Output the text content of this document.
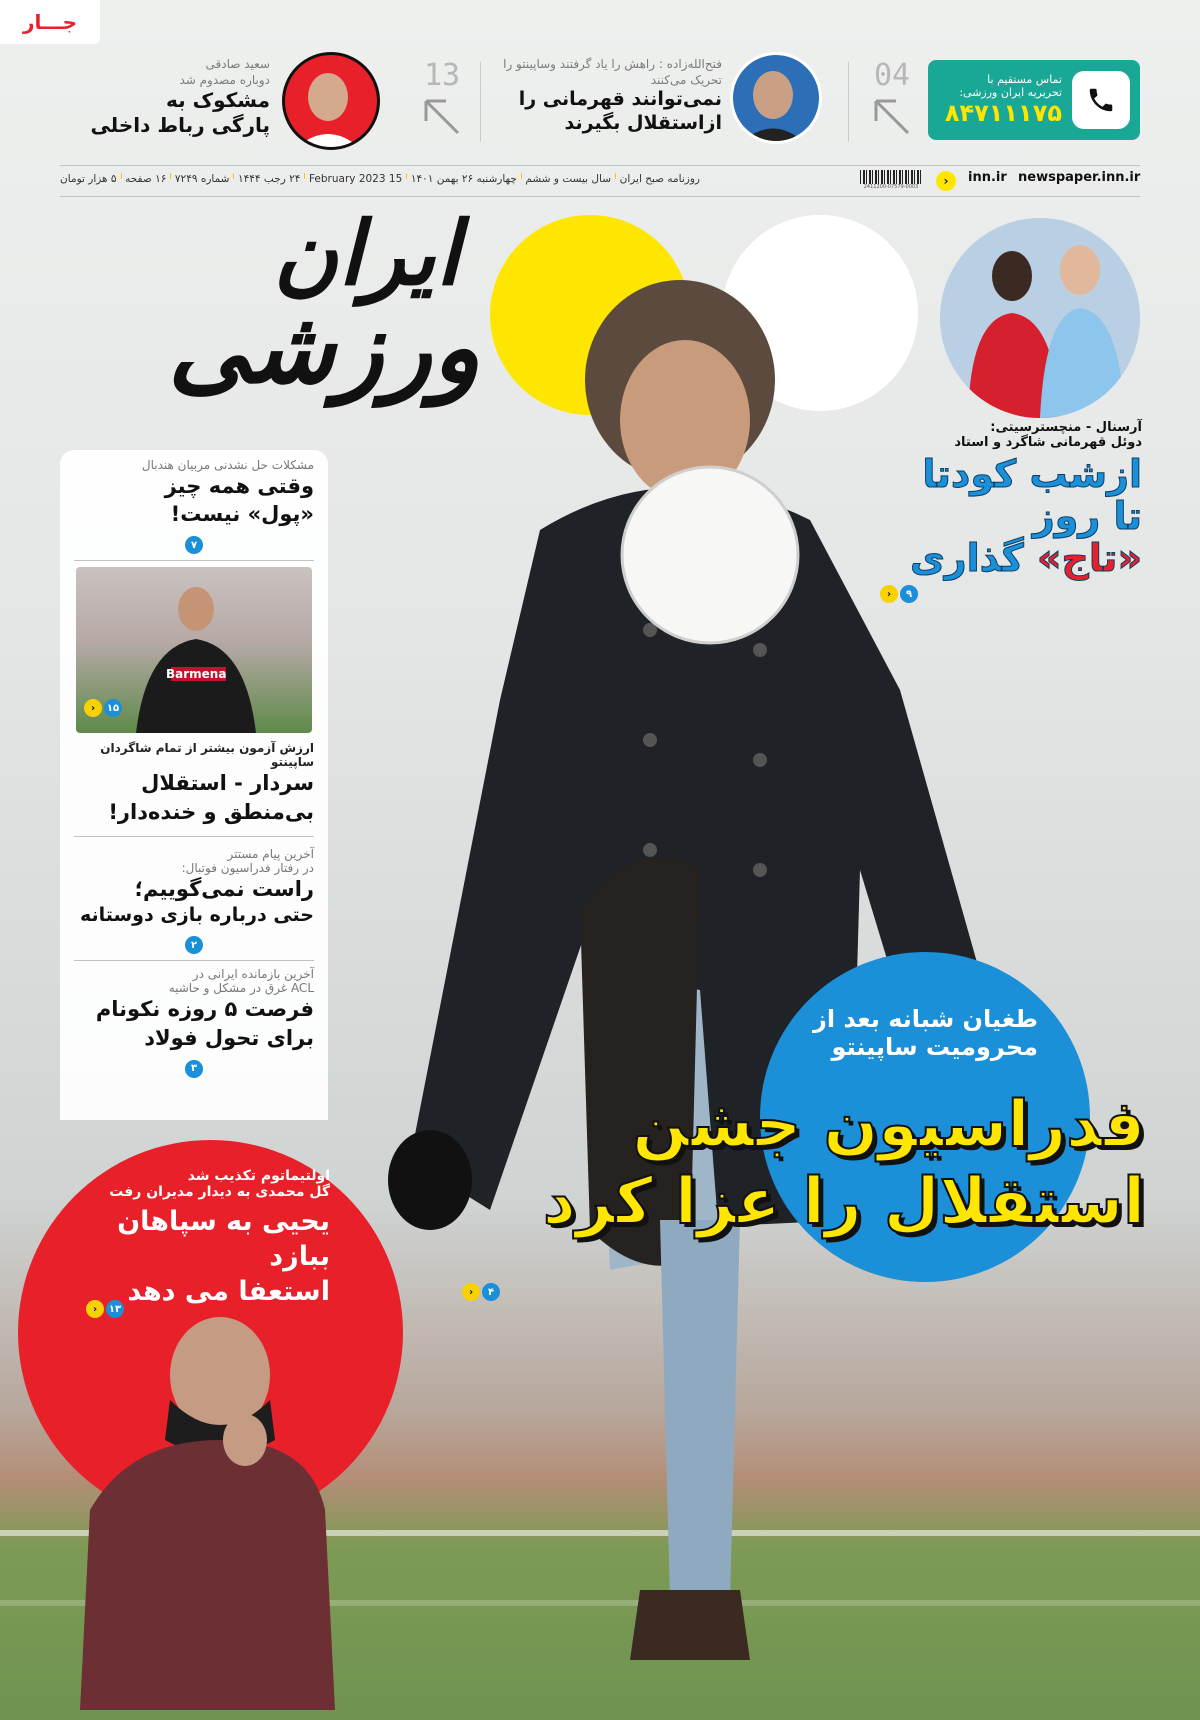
جـــار
تماس مستقیم با
تحریریه ایران ورزشی:
۸۴۷۱۱۱۷۵
04
فتح‌الله‌زاده : راهش را یاد گرفتند وساپینتو را تحریک می‌کنند
نمی‌توانند قهرمانی را
ازاستقلال بگیرند
13
سعید صادقی
دوباره مصدوم شد
مشکوک به
پارگی رباط داخلی
newspaper.inn.ir
inn.ir
‹
2411200-07579-0003
روزنامه صبح ایران
سال بیست و ششم
چهارشنبه ۲۶ بهمن ۱۴۰۱
15 February 2023
۲۴ رجب ۱۴۴۴
شماره ۷۲۴۹
۱۶ صفحه
۵ هزار تومان
ایران
ورزشی
آرسنال - منچسترسیتی:
دوئل قهرمانی شاگرد و استاد
ازشب کودتا
تا روز
«تاج» گذاری
›	۹
مشکلات حل نشدنی مربیان هندبال
وقتی همه چیز
«پول» نیست!
۷
Barmena
›	۱۵
ارزش آزمون بیشتر از تمام شاگردان ساپینتو
سردار - استقلال
بی‌منطق و خنده‌دار!
آخرین پیام مستتر
در رفتار فدراسیون فوتبال:
راست نمی‌گوییم؛
حتی درباره بازی دوستانه
۲
آخرین بازمانده ایرانی در
ACL غرق در مشکل و حاشیه
فرصت ۵ روزه نکونام
برای تحول فولاد
۳
اولتیماتوم تکذیب شد
گل محمدی به دیدار مدیران رفت
یحیی به سپاهان ببازد
استعفا می دهد
›	۱۳
طغیان شبانه بعد از
محرومیت ساپینتو
فدراسیون جشن
استقلال را عزا کرد
›	۴
